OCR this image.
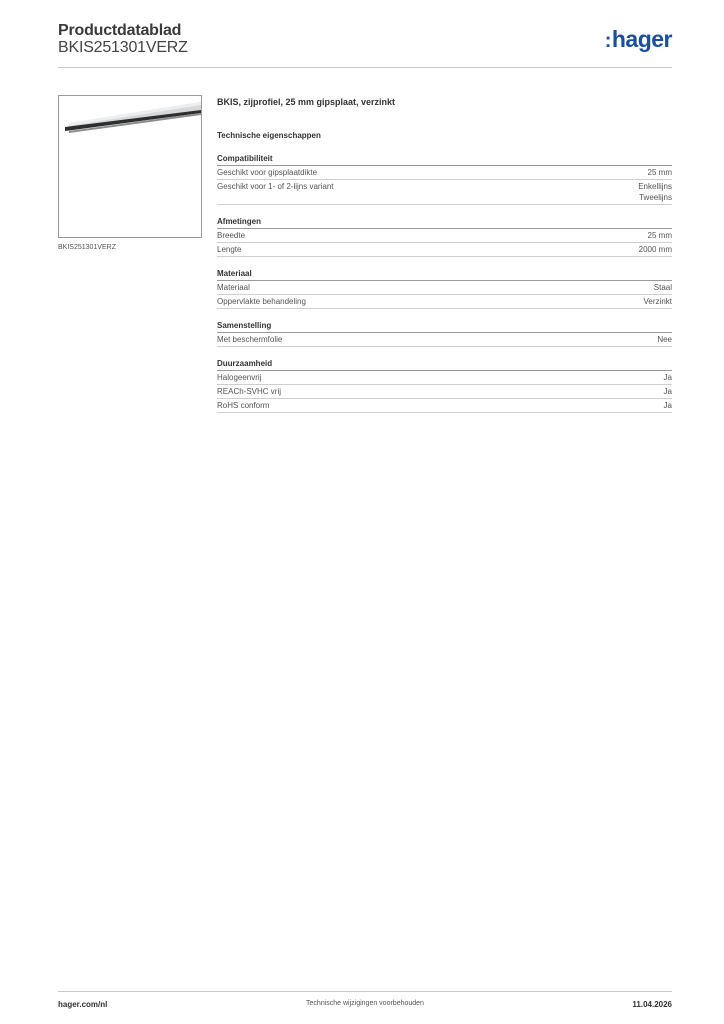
Productdatablad
BKIS251301VERZ	:hager
BKIS251301VERZ
BKIS, zijprofiel, 25 mm gipsplaat, verzinkt
Technische eigenschappen
Compatibiliteit
Geschikt voor gipsplaatdikte	25 mm
Geschikt voor 1- of 2-lijns variant	Enkellijns
Tweelijns
Afmetingen
Breedte	25 mm
Lengte	2000 mm
Materiaal
Materiaal	Staal
Oppervlakte behandeling	Verzinkt
Samenstelling
Met beschermfolie	Nee
Duurzaamheid
Halogeenvrij	Ja
REACh-SVHC vrij	Ja
RoHS conform	Ja
hager.com/nl	Technische wijzigingen voorbehouden	11.04.2026
